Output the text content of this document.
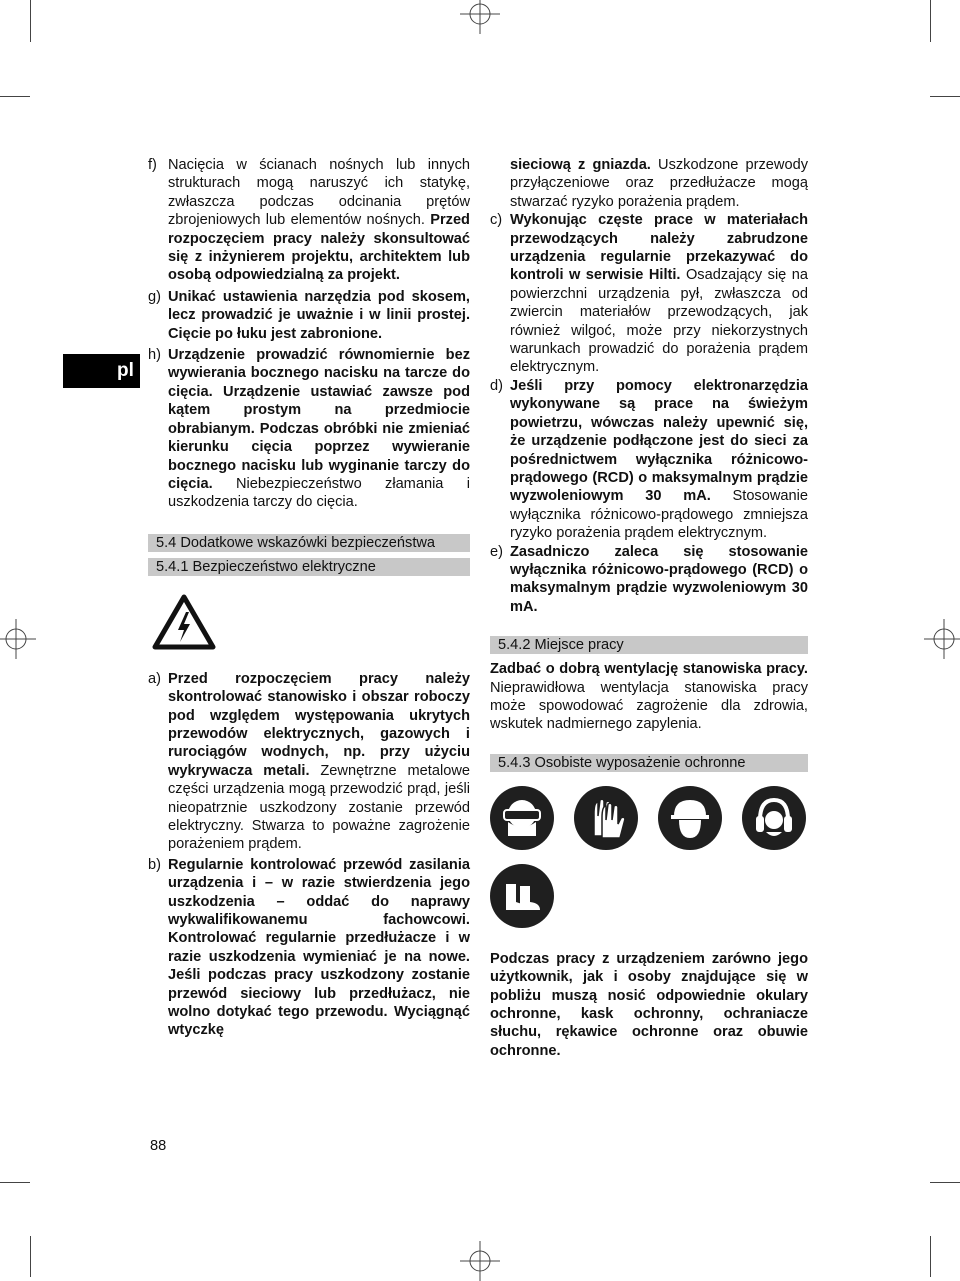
pl
f) Nacięcia w ścianach nośnych lub innych strukturach mogą naruszyć ich statykę, zwłaszcza podczas odcinania prętów zbrojeniowych lub elementów nośnych. Przed rozpoczęciem pracy należy skonsultować się z inżynierem projektu, architektem lub osobą odpowiedzialną za projekt.
g) Unikać ustawienia narzędzia pod skosem, lecz prowadzić je uważnie i w linii prostej. Cięcie po łuku jest zabronione.
h) Urządzenie prowadzić równomiernie bez wywierania bocznego nacisku na tarcze do cięcia. Urządzenie ustawiać zawsze pod kątem prostym na przedmiocie obrabianym. Podczas obróbki nie zmieniać kierunku cięcia poprzez wywieranie bocznego nacisku lub wyginanie tarczy do cięcia. Niebezpieczeństwo złamania i uszkodzenia tarczy do cięcia.
5.4 Dodatkowe wskazówki bezpieczeństwa
5.4.1 Bezpieczeństwo elektryczne
a) Przed rozpoczęciem pracy należy skontrolować stanowisko i obszar roboczy pod względem występowania ukrytych przewodów elektrycznych, gazowych i rurociągów wodnych, np. przy użyciu wykrywacza metali. Zewnętrzne metalowe części urządzenia mogą przewodzić prąd, jeśli nieopatrznie uszkodzony zostanie przewód elektryczny. Stwarza to poważne zagrożenie porażeniem prądem.
b) Regularnie kontrolować przewód zasilania urządzenia i – w razie stwierdzenia jego uszkodzenia – oddać do naprawy wykwalifikowanemu fachowcowi. Kontrolować regularnie przedłużacze i w razie uszkodzenia wymieniać je na nowe. Jeśli podczas pracy uszkodzony zostanie przewód sieciowy lub przedłużacz, nie wolno dotykać tego przewodu. Wyciągnąć wtyczkę
sieciową z gniazda. Uszkodzone przewody przyłączeniowe oraz przedłużacze mogą stwarzać ryzyko porażenia prądem.
c) Wykonując częste prace w materiałach przewodzących należy zabrudzone urządzenia regularnie przekazywać do kontroli w serwisie Hilti. Osadzający się na powierzchni urządzenia pył, zwłaszcza od zwiercin materiałów przewodzących, jak również wilgoć, może przy niekorzystnych warunkach prowadzić do porażenia prądem elektrycznym.
d) Jeśli przy pomocy elektronarzędzia wykonywane są prace na świeżym powietrzu, wówczas należy upewnić się, że urządzenie podłączone jest do sieci za pośrednictwem wyłącznika różnicowo-prądowego (RCD) o maksymalnym prądzie wyzwoleniowym 30 mA. Stosowanie wyłącznika różnicowo-prądowego zmniejsza ryzyko porażenia prądem elektrycznym.
e) Zasadniczo zaleca się stosowanie wyłącznika różnicowo-prądowego (RCD) o maksymalnym prądzie wyzwoleniowym 30 mA.
5.4.2 Miejsce pracy
Zadbać o dobrą wentylację stanowiska pracy. Nieprawidłowa wentylacja stanowiska pracy może spowodować zagrożenie dla zdrowia, wskutek nadmiernego zapylenia.
5.4.3 Osobiste wyposażenie ochronne
Podczas pracy z urządzeniem zarówno jego użytkownik, jak i osoby znajdujące się w pobliżu muszą nosić odpowiednie okulary ochronne, kask ochronny, ochraniacze słuchu, rękawice ochronne oraz obuwie ochronne.
88
